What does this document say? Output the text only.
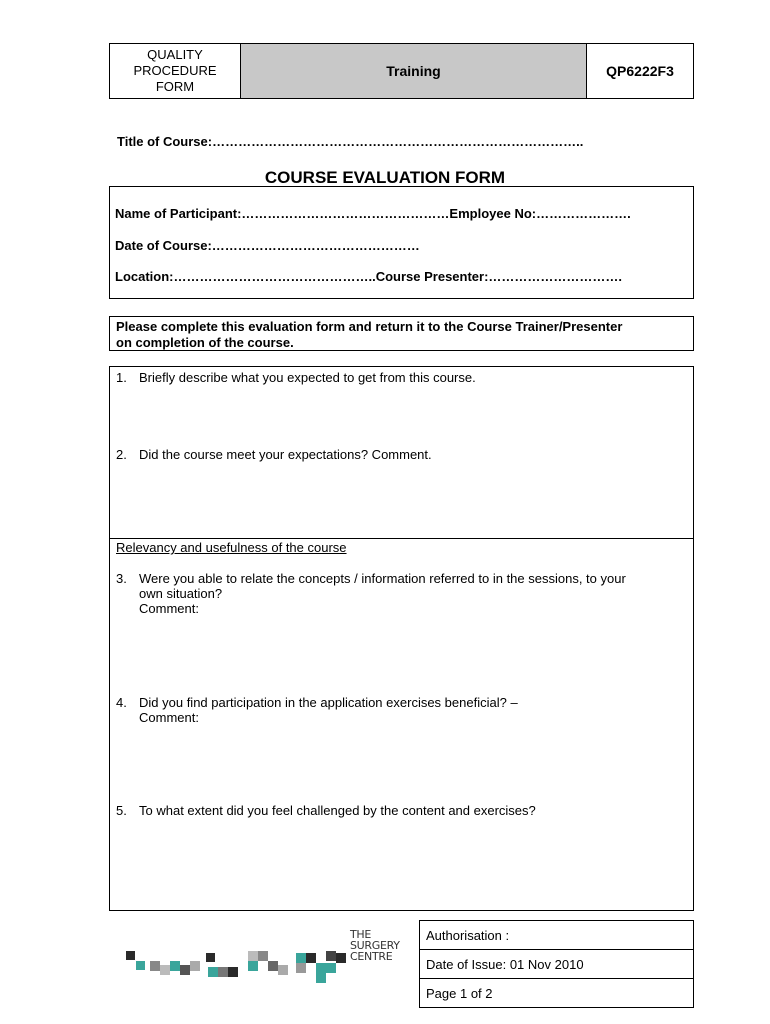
QUALITY
PROCEDURE
FORM
Training	QP6222F3
Title of Course:…………………………………………………………………………..
COURSE EVALUATION FORM
Name of Participant:…………………………………………Employee No:………………….
Date of Course:…………………………………………
Location:………………………………………..Course Presenter:………………………….
Please complete this evaluation form and return it to the Course Trainer/Presenter
on completion of the course.
1. Briefly describe what you expected to get from this course.
2. Did the course meet your expectations? Comment.
Relevancy and usefulness of the course
3. Were you able to relate the concepts / information referred to in the sessions, to your
own situation?
Comment:
4. Did you find participation in the application exercises beneficial? –
Comment:
5. To what extent did you feel challenged by the content and exercises?
THE
SURGERY
CENTRE
Authorisation :
Date of Issue: 01 Nov 2010
Page 1 of 2
